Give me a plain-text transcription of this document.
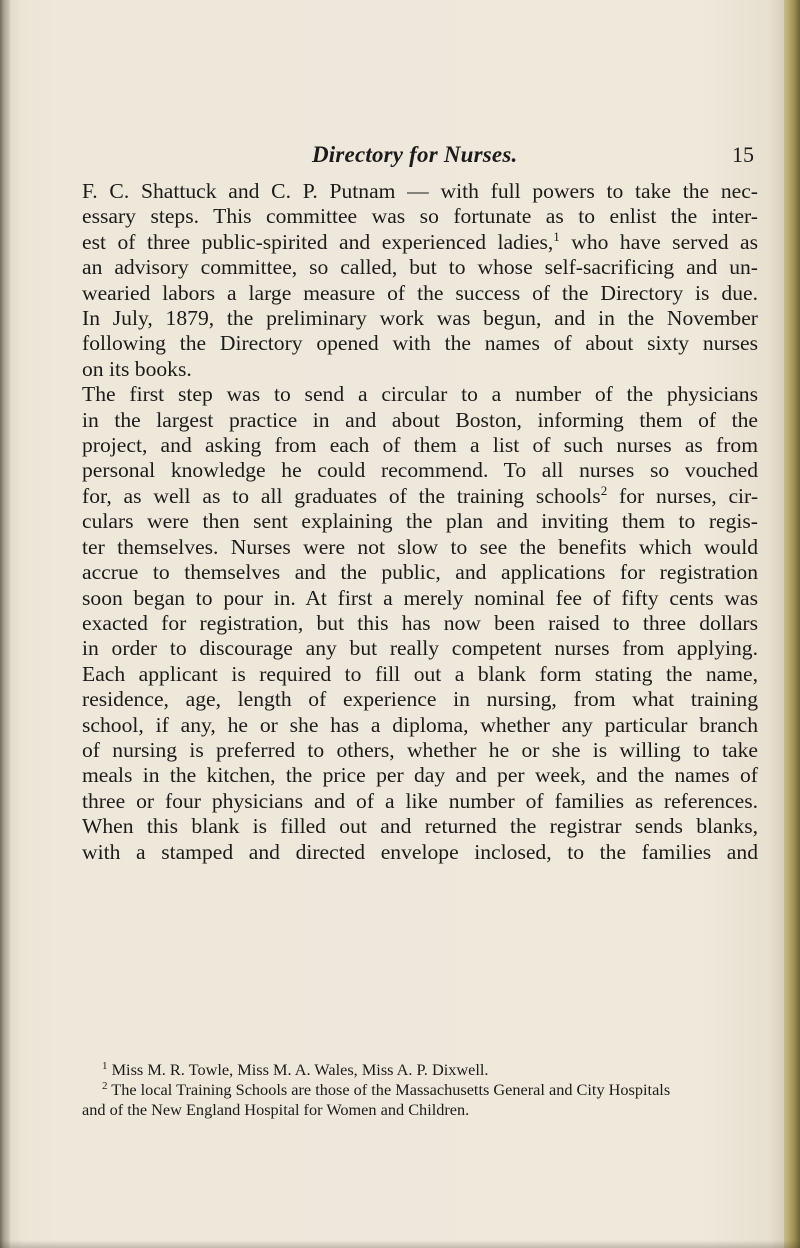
Directory for Nurses.	15
F. C. Shattuck and C. P. Putnam — with full powers to take the nec-
essary steps. This committee was so fortunate as to enlist the inter-
est of three public-spirited and experienced ladies,$^1$ who have served as
an advisory committee, so called, but to whose self-sacrificing and un-
wearied labors a large measure of the success of the Directory is due.
In July, 1879, the preliminary work was begun, and in the November
following the Directory opened with the names of about sixty nurses
on its books.
The first step was to send a circular to a number of the physicians
in the largest practice in and about Boston, informing them of the
project, and asking from each of them a list of such nurses as from
personal knowledge he could recommend. To all nurses so vouched
for, as well as to all graduates of the training schools$^2$ for nurses, cir-
culars were then sent explaining the plan and inviting them to regis-
ter themselves. Nurses were not slow to see the benefits which would
accrue to themselves and the public, and applications for registration
soon began to pour in. At first a merely nominal fee of fifty cents was
exacted for registration, but this has now been raised to three dollars
in order to discourage any but really competent nurses from applying.
Each applicant is required to fill out a blank form stating the name,
residence, age, length of experience in nursing, from what training
school, if any, he or she has a diploma, whether any particular branch
of nursing is preferred to others, whether he or she is willing to take
meals in the kitchen, the price per day and per week, and the names of
three or four physicians and of a like number of families as references.
When this blank is filled out and returned the registrar sends blanks,
with a stamped and directed envelope inclosed, to the families and
$^1$ Miss M. R. Towle, Miss M. A. Wales, Miss A. P. Dixwell.
$^2$ The local Training Schools are those of the Massachusetts General and City Hospitals
and of the New England Hospital for Women and Children.
